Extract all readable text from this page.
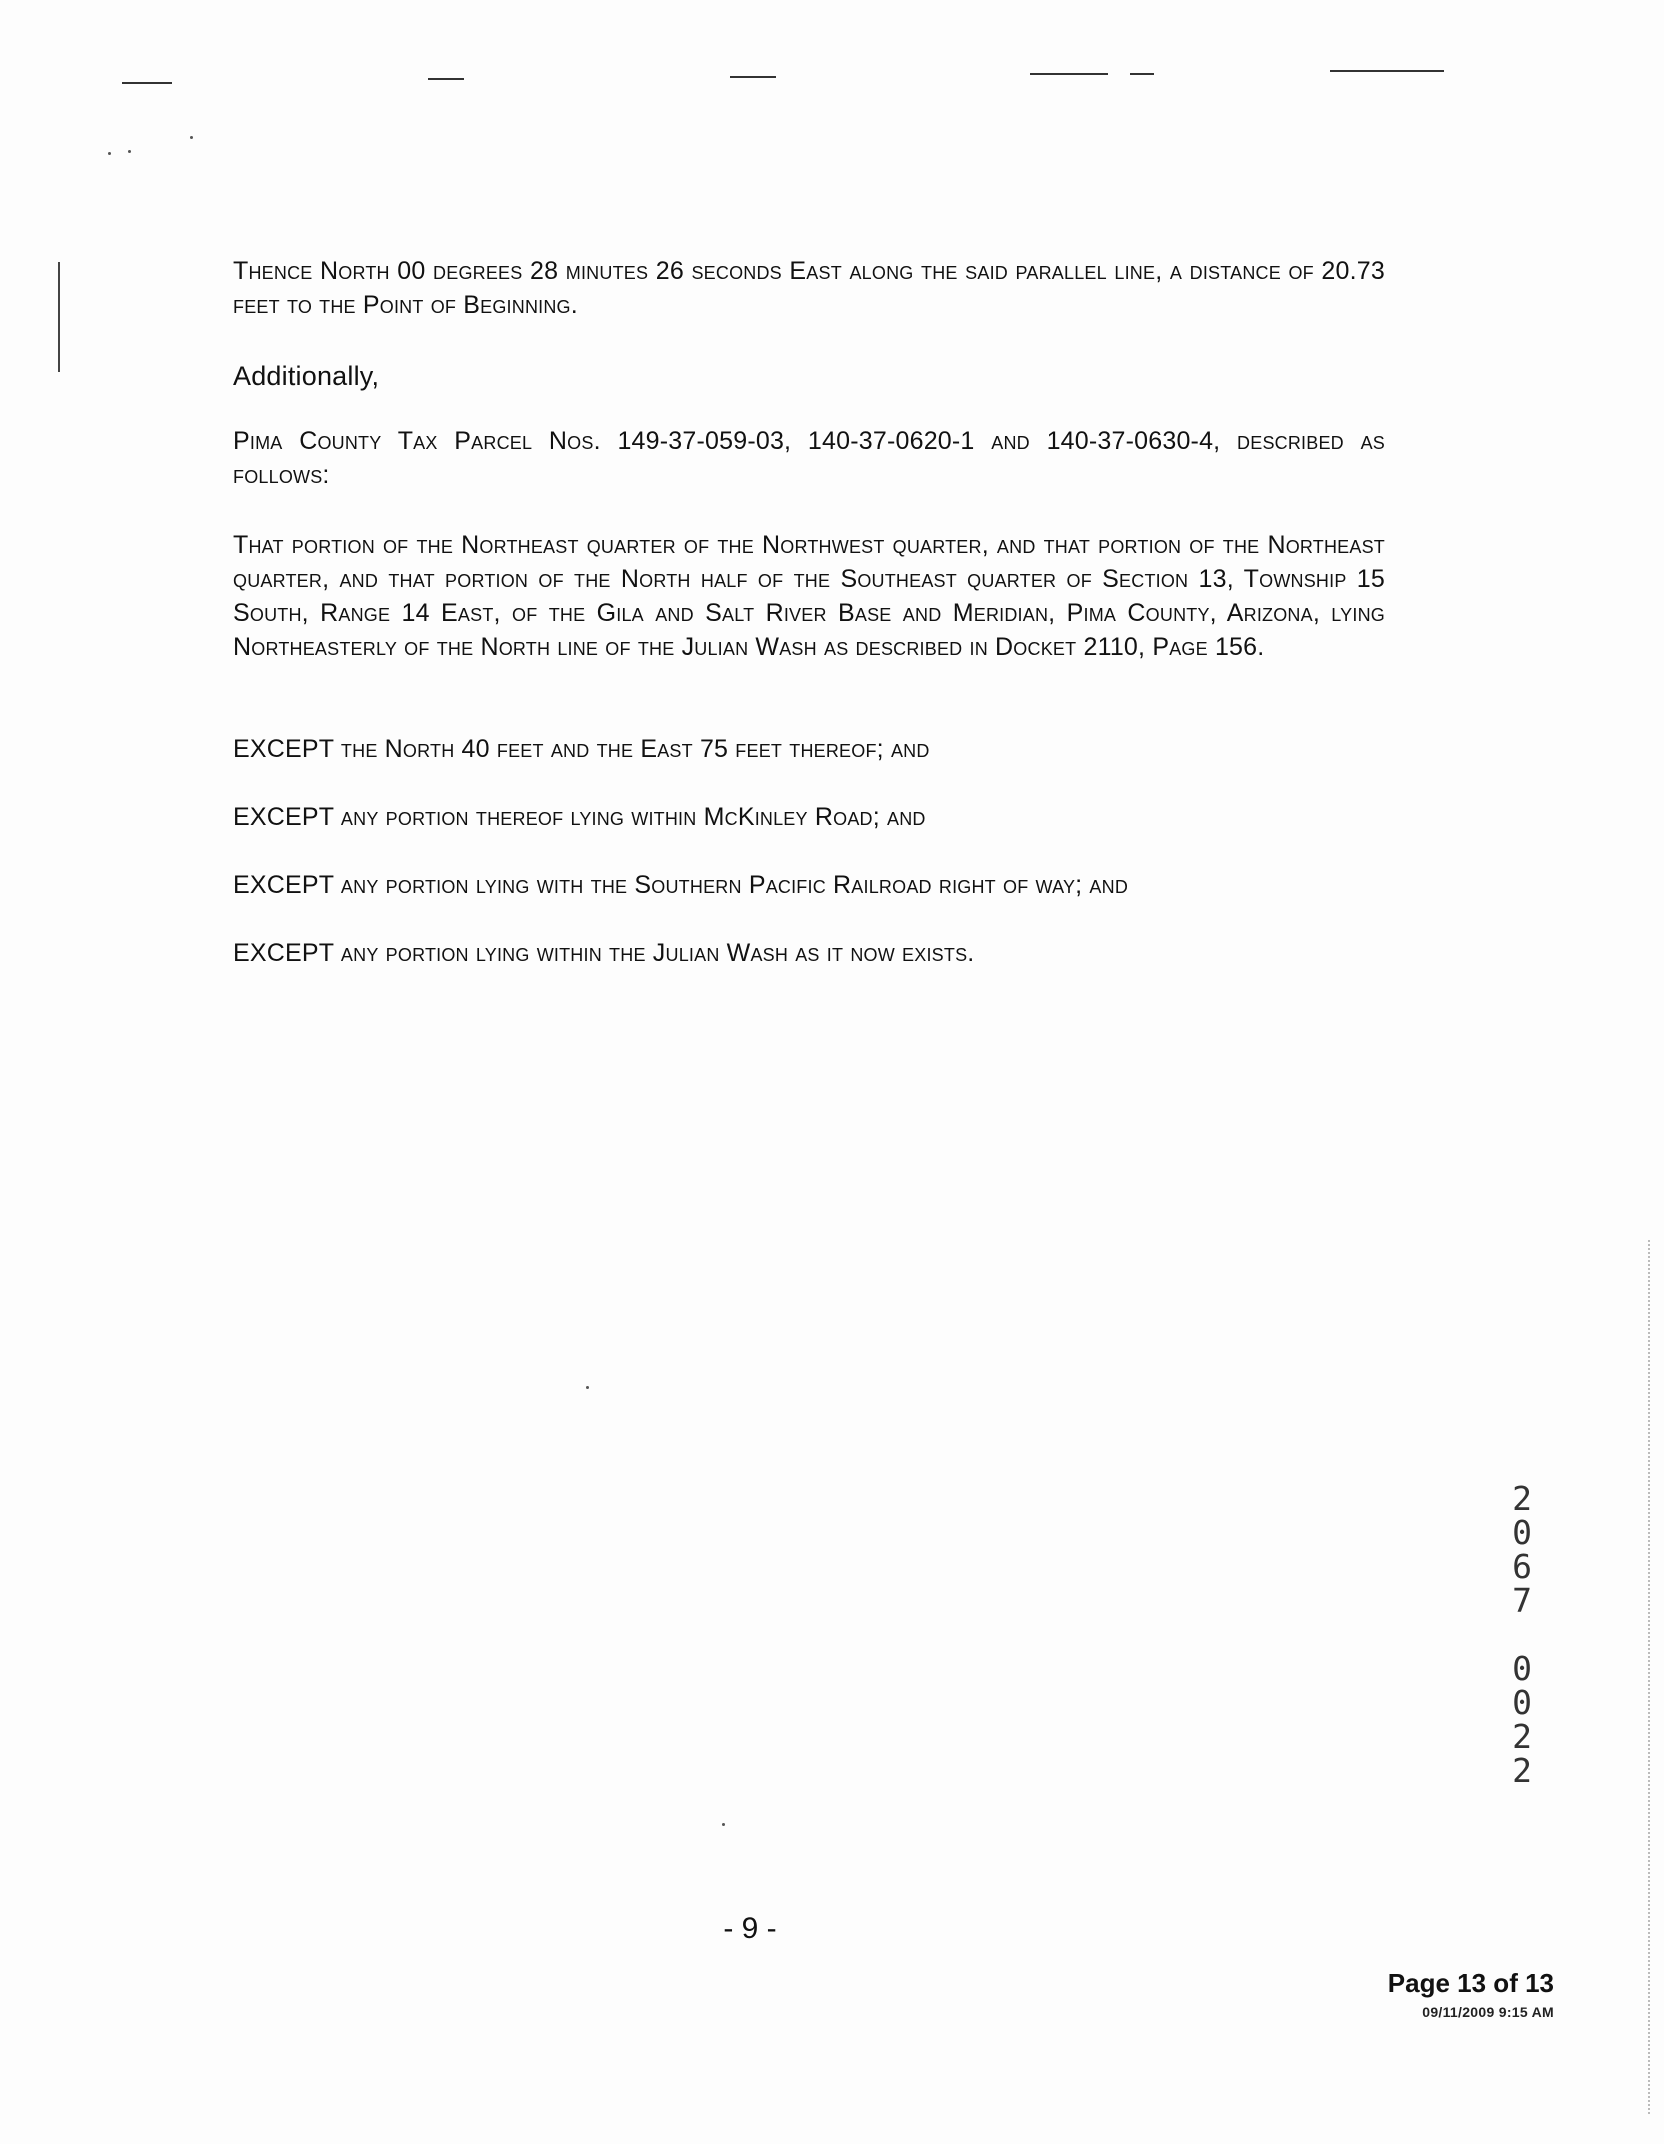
Thence North 00 degrees 28 minutes 26 seconds East along the said parallel line, a distance of 20.73 feet to the Point of Beginning.

Additionally,

Pima County Tax Parcel Nos. 149-37-059-03, 140-37-0620-1 and 140-37-0630-4, described as follows:

That portion of the Northeast quarter of the Northwest quarter, and that portion of the Northeast quarter, and that portion of the North half of the Southeast quarter of Section 13, Township 15 South, Range 14 East, of the Gila and Salt River Base and Meridian, Pima County, Arizona, lying Northeasterly of the North line of the Julian Wash as described in Docket 2110, Page 156.

EXCEPT the North 40 feet and the East 75 feet thereof; and

EXCEPT any portion thereof lying within McKinley Road; and

EXCEPT any portion lying with the Southern Pacific Railroad right of way; and

EXCEPT any portion lying within the Julian Wash as it now exists.

2
0
6
7

0
0
2
2
- 9 -
Page 13 of 13
09/11/2009 9:15 AM
